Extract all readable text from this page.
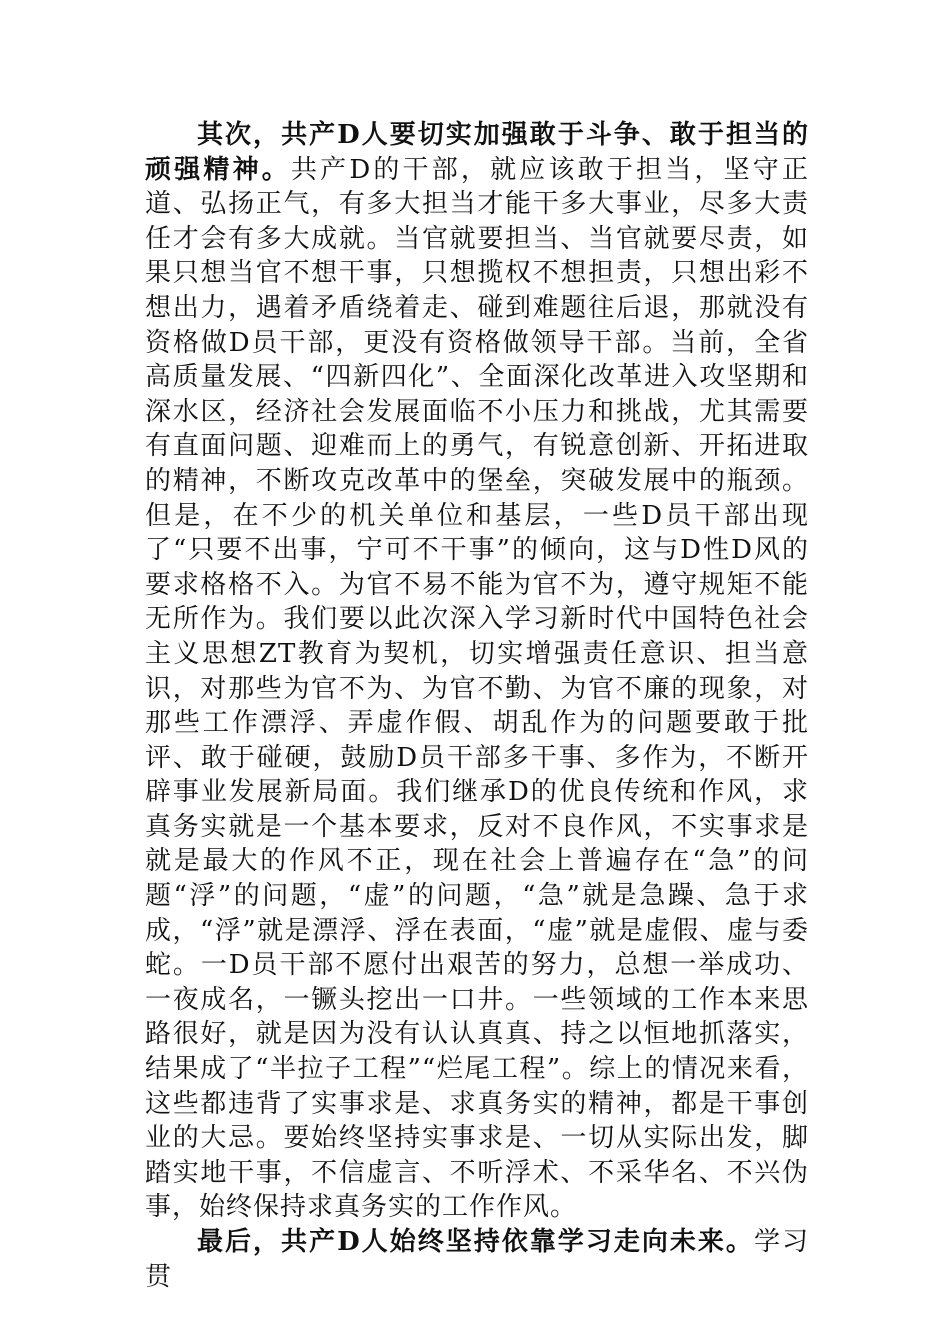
其次，共产D人要切实加强敢于斗争、敢于担当的顽强精神。共产D的干部，就应该敢于担当，坚守正道、弘扬正气，有多大担当才能干多大事业，尽多大责任才会有多大成就。当官就要担当、当官就要尽责，如果只想当官不想干事，只想揽权不想担责，只想出彩不想出力，遇着矛盾绕着走、碰到难题往后退，那就没有资格做D员干部，更没有资格做领导干部。当前，全省高质量发展、“四新四化”、全面深化改革进入攻坚期和深水区，经济社会发展面临不小压力和挑战，尤其需要有直面问题、迎难而上的勇气，有锐意创新、开拓进取的精神，不断攻克改革中的堡垒，突破发展中的瓶颈。但是，在不少的机关单位和基层，一些D员干部出现了“只要不出事，宁可不干事”的倾向，这与D性D风的要求格格不入。为官不易不能为官不为，遵守规矩不能无所作为。我们要以此次深入学习新时代中国特色社会主义思想ZT教育为契机，切实增强责任意识、担当意识，对那些为官不为、为官不勤、为官不廉的现象，对那些工作漂浮、弄虚作假、胡乱作为的问题要敢于批评、敢于碰硬，鼓励D员干部多干事、多作为，不断开辟事业发展新局面。我们继承D的优良传统和作风，求真务实就是一个基本要求，反对不良作风，不实事求是就是最大的作风不正，现在社会上普遍存在“急”的问题“浮”的问题，“虚”的问题，“急”就是急躁、急于求成，“浮”就是漂浮、浮在表面，“虚”就是虚假、虚与委蛇。一D员干部不愿付出艰苦的努力，总想一举成功、一夜成名，一镢头挖出一口井。一些领域的工作本来思路很好，就是因为没有认认真真、持之以恒地抓落实，结果成了“半拉子工程”“烂尾工程”。综上的情况来看，这些都违背了实事求是、求真务实的精神，都是干事创业的大忌。要始终坚持实事求是、一切从实际出发，脚踏实地干事，不信虚言、不听浮术、不采华名、不兴伪事，始终保持求真务实的工作作风。

最后，共产D人始终坚持依靠学习走向未来。学习贯
